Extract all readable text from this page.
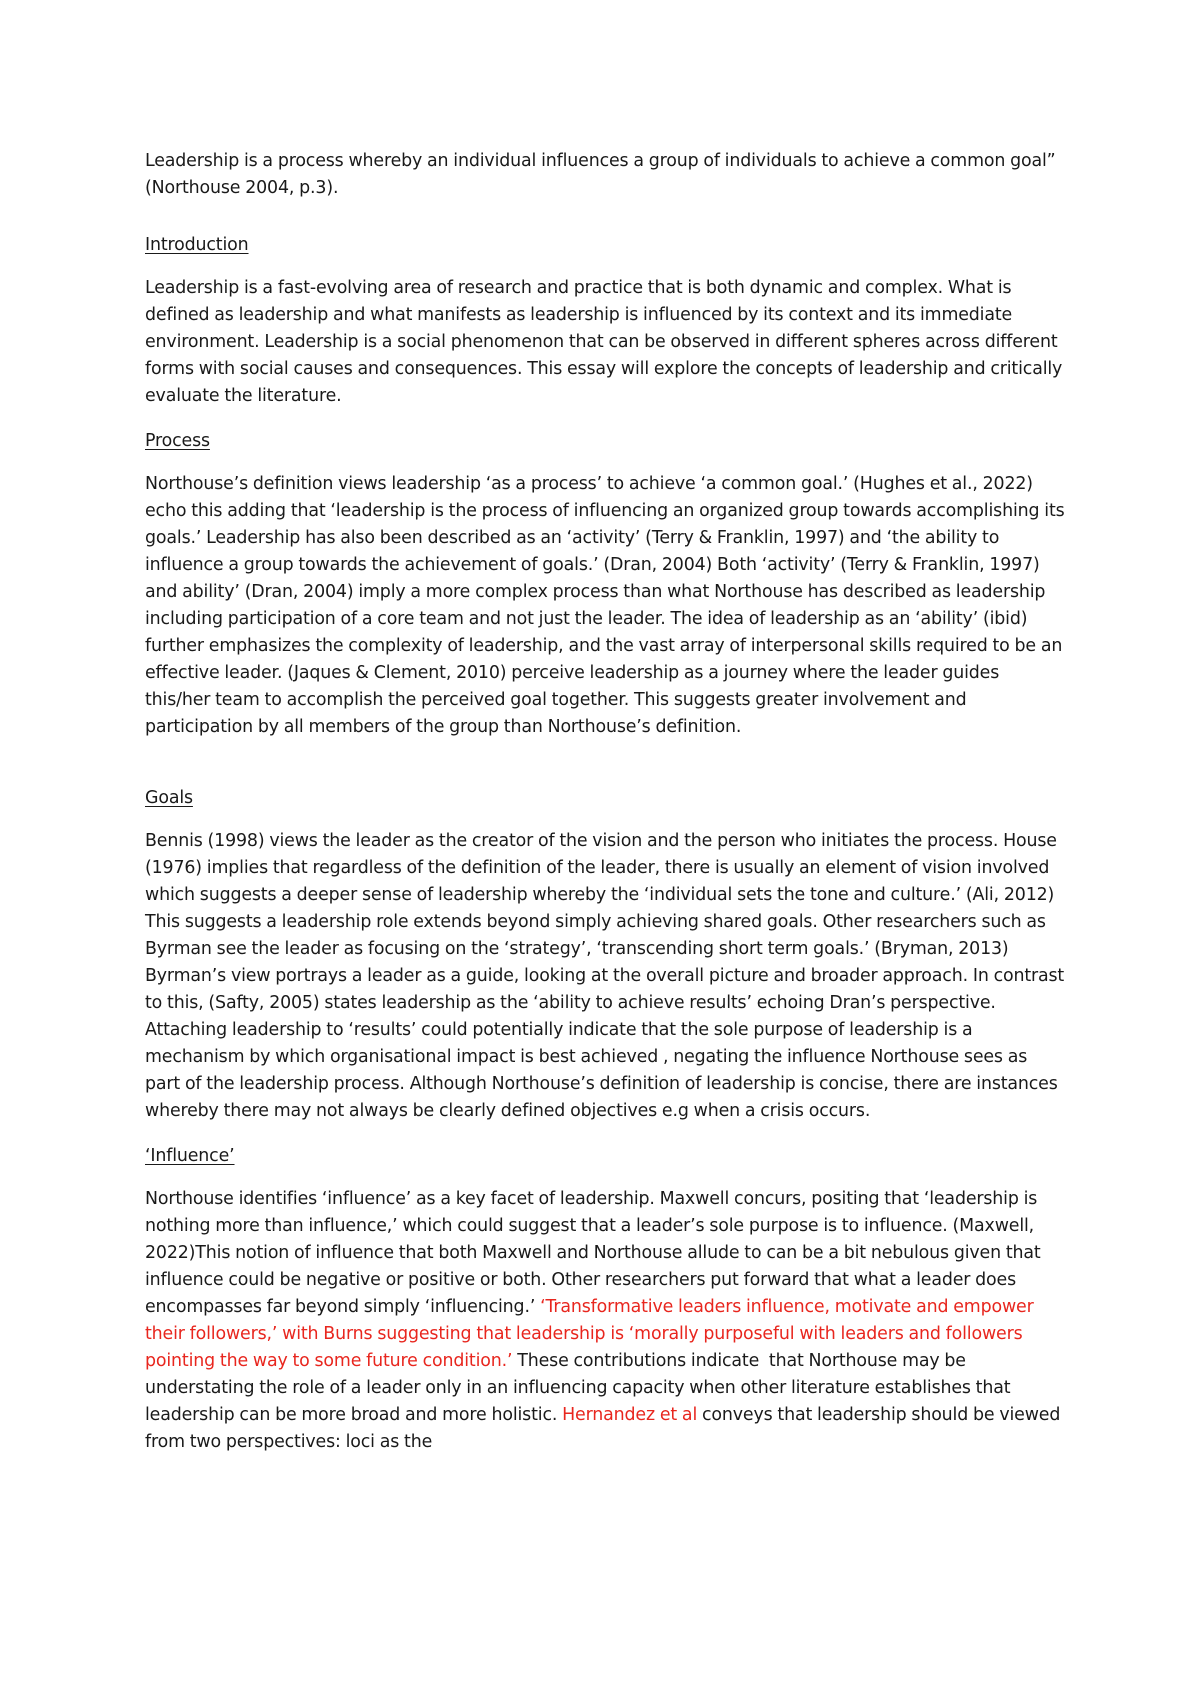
Leadership is a process whereby an individual influences a group of individuals to achieve a common goal” (Northouse 2004, p.3).

Introduction

Leadership is a fast-evolving area of research and practice that is both dynamic and complex. What is defined as leadership and what manifests as leadership is influenced by its context and its immediate environment. Leadership is a social phenomenon that can be observed in different spheres across different forms with social causes and consequences. This essay will explore the concepts of leadership and critically evaluate the literature.

Process

Northouse’s definition views leadership ‘as a process’ to achieve ‘a common goal.’ (Hughes et al., 2022) echo this adding that ‘leadership is the process of influencing an organized group towards accomplishing its goals.’ Leadership has also been described as an ‘activity’ (Terry & Franklin, 1997) and ‘the ability to influence a group towards the achievement of goals.’ (Dran, 2004) Both ‘activity’ (Terry & Franklin, 1997) and ability’ (Dran, 2004) imply a more complex process than what Northouse has described as leadership including participation of a core team and not just the leader. The idea of leadership as an ‘ability’ (ibid) further emphasizes the complexity of leadership, and the vast array of interpersonal skills required to be an effective leader. (Jaques & Clement, 2010) perceive leadership as a journey where the leader guides this/her team to accomplish the perceived goal together. This suggests greater involvement and participation by all members of the group than Northouse’s definition.

Goals

Bennis (1998) views the leader as the creator of the vision and the person who initiates the process. House (1976) implies that regardless of the definition of the leader, there is usually an element of vision involved   which suggests a deeper sense of leadership whereby the ‘individual sets the tone and culture.’ (Ali, 2012) This suggests a leadership role extends beyond simply achieving shared goals. Other researchers such as Byrman see the leader as focusing on the ‘strategy’, ‘transcending short term goals.’ (Bryman, 2013) Byrman’s view portrays a leader as a guide, looking at the overall picture and broader approach. In contrast to this, (Safty, 2005) states leadership as the ‘ability to achieve results’ echoing Dran’s perspective. Attaching leadership to ‘results’ could potentially indicate that the sole purpose of leadership is a mechanism by which organisational impact is best achieved , negating the influence Northouse sees as part of the leadership process. Although Northouse’s definition of leadership is concise, there are instances whereby there may not always be clearly defined objectives e.g when a crisis occurs.

‘Influence’

Northouse identifies ‘influence’ as a key facet of leadership. Maxwell concurs, positing that ‘leadership is nothing more than influence,’ which could suggest that a leader’s sole purpose is to influence. (Maxwell, 2022)This notion of influence that both Maxwell and Northouse allude to can be a bit nebulous given that influence could be negative or positive or both. Other researchers put forward that what a leader does encompasses far beyond simply ‘influencing.’ ‘Transformative leaders influence, motivate and empower their followers,’ with Burns suggesting that leadership is ‘morally purposeful with leaders and followers pointing the way to some future condition.’ These contributions indicate  that Northouse may be understating the role of a leader only in an influencing capacity when other literature establishes that leadership can be more broad and more holistic. Hernandez et al conveys that leadership should be viewed from two perspectives: loci as the
